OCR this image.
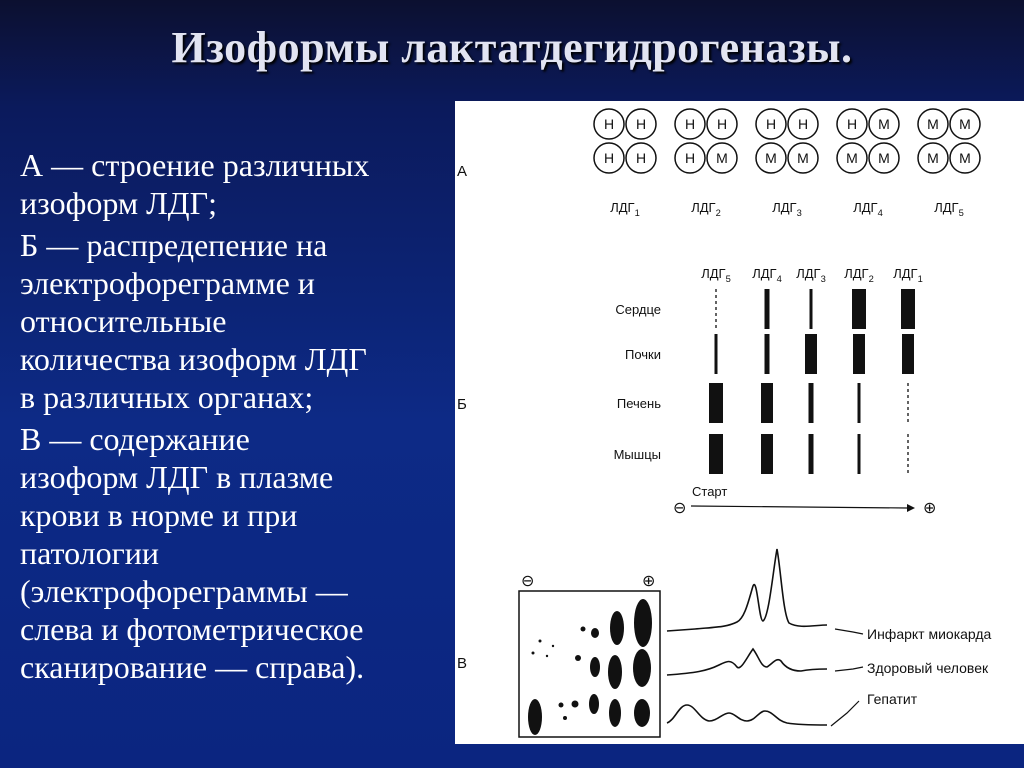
Изоформы лактатдегидрогеназы.

А — строение различных
изоформ ЛДГ;

Б — распредепение на
электрофореграмме и
относительные
количества изоформ ЛДГ
в различных органах;

В — содержание
изоформ ЛДГ в плазме
крови в норме и при
патологии
(электрофореграммы —
слева и фотометрическое
сканирование — справа).

А
Б
В
Н Н
Н Н
$ЛДГ_1$
Н Н
Н М
$ЛДГ_2$
Н Н
М М
$ЛДГ_3$
Н М
М М
$ЛДГ_4$
М М
М М
$ЛДГ_5$
$ЛДГ_5$ $ЛДГ_4$ $ЛДГ_3$ $ЛДГ_2$ $ЛДГ_1$
Сердце
Почки
Печень
Мышцы
Старт
⊖	⊕
⊖	⊕
Инфаркт миокарда
Здоровый человек
Гепатит
